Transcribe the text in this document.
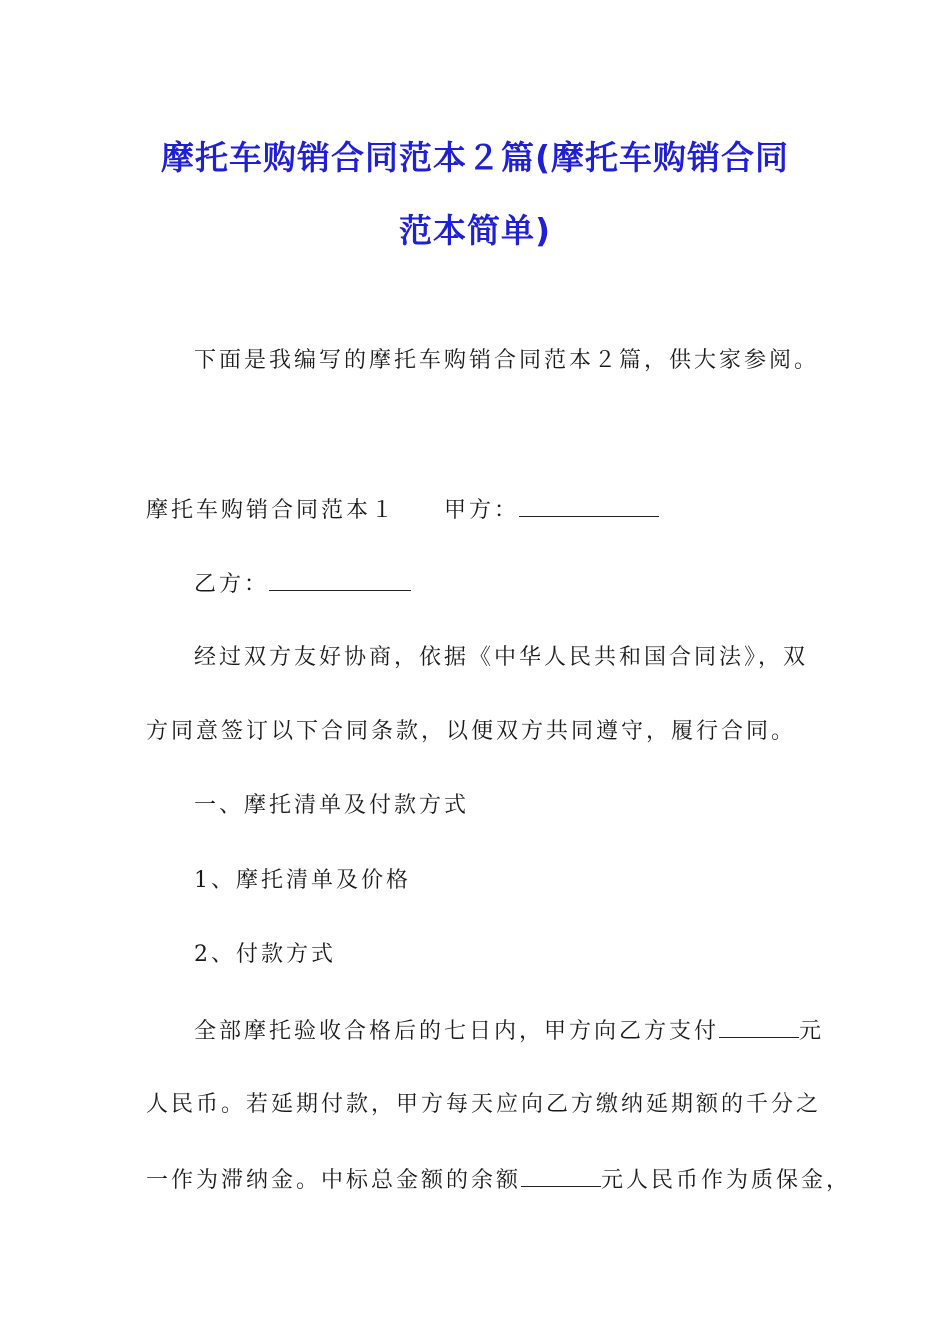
摩托车购销合同范本２篇(摩托车购销合同
范本简单)
下面是我编写的摩托车购销合同范本２篇，供大家参阅。
摩托车购销合同范本１ 甲方：
乙方：
经过双方友好协商，依据《中华人民共和国合同法》，双
方同意签订以下合同条款，以便双方共同遵守，履行合同。
一、摩托清单及付款方式
1、摩托清单及价格
2、付款方式
全部摩托验收合格后的七日内，甲方向乙方支付	元
人民币。若延期付款，甲方每天应向乙方缴纳延期额的千分之
一作为滞纳金。中标总金额的余额	元人民币作为质保金，
